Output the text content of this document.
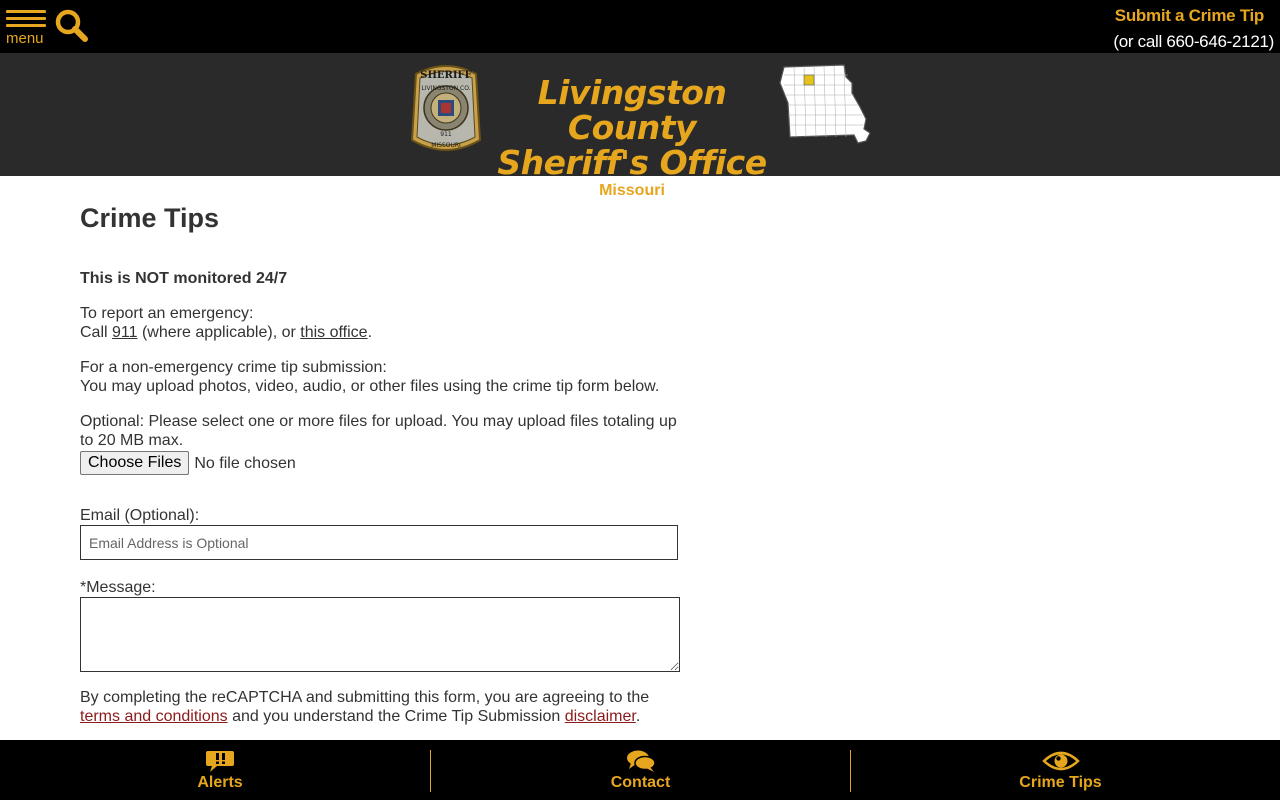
menu
Submit a Crime Tip
(or call 660-646-2121)
SHERIFF
LIVINGSTON CO.
911
MISSOURI
Livingston County
Sheriff's Office
Missouri
Crime Tips
This is NOT monitored 24/7
To report an emergency:
Call 911 (where applicable), or this office.
For a non-emergency crime tip submission:
You may upload photos, video, audio, or other files using the crime tip form below.
Optional: Please select one or more files for upload. You may upload files totaling up to 20 MB max.
Choose Files No file chosen
Email (Optional):
Email Address is Optional
*Message:
By completing the reCAPTCHA and submitting this form, you are agreeing to the terms and conditions and you understand the Crime Tip Submission disclaimer.
Alerts	Contact	Crime Tips
